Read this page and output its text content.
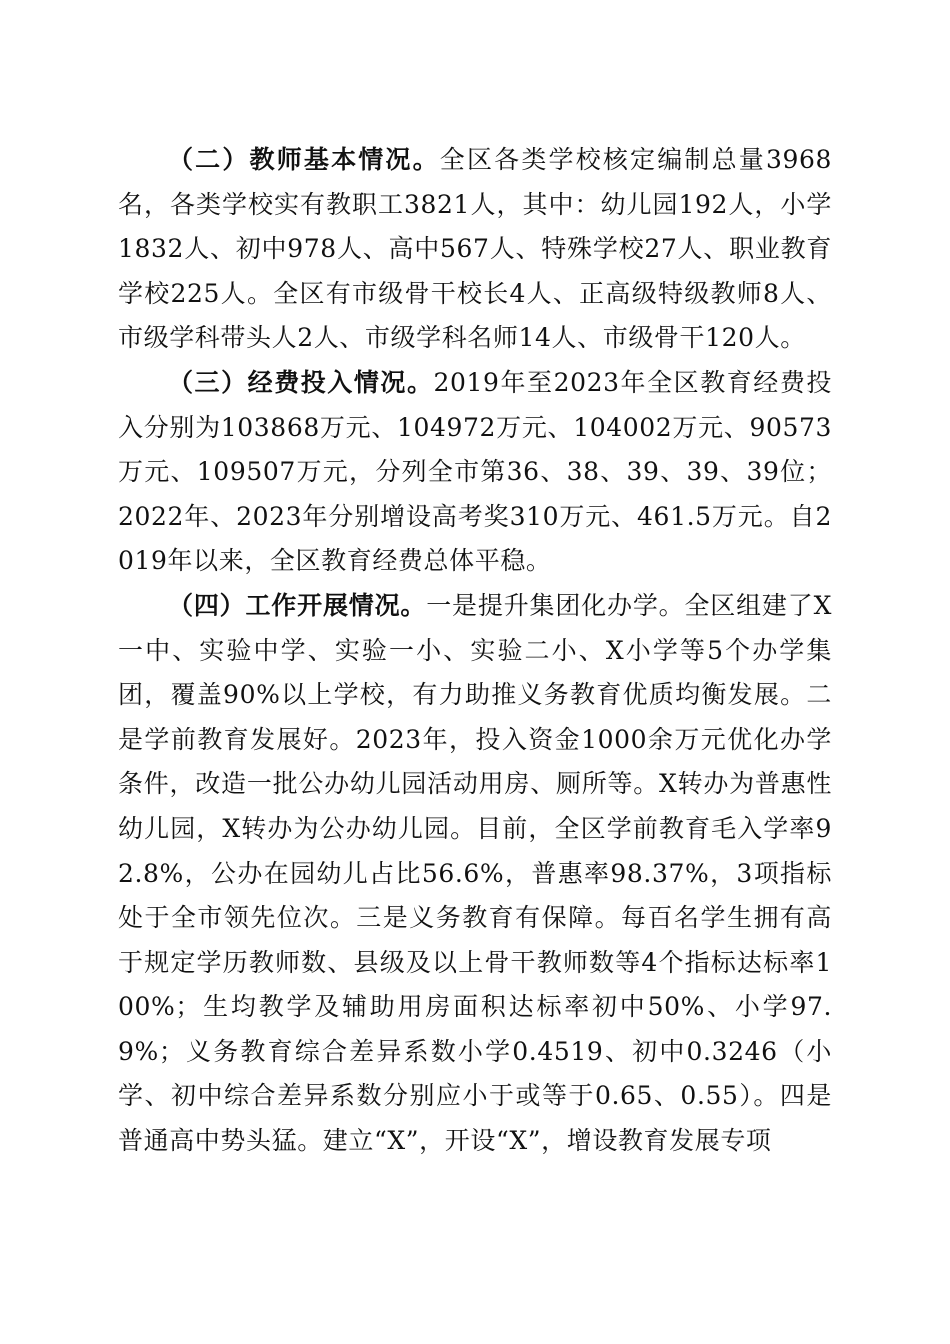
（二）教师基本情况。全区各类学校核定编制总量3968名，各类学校实有教职工3821人，其中：幼儿园192人，小学1832人、初中978人、高中567人、特殊学校27人、职业教育学校225人。全区有市级骨干校长4人、正高级特级教师8人、市级学科带头人2人、市级学科名师14人、市级骨干120人。

（三）经费投入情况。2019年至2023年全区教育经费投入分别为103868万元、104972万元、104002万元、90573万元、109507万元，分列全市第36、38、39、39、39位；2022年、2023年分别增设高考奖310万元、461.5万元。自2019年以来，全区教育经费总体平稳。

（四）工作开展情况。一是提升集团化办学。全区组建了X一中、实验中学、实验一小、实验二小、X小学等5个办学集团，覆盖90%以上学校，有力助推义务教育优质均衡发展。二是学前教育发展好。2023年，投入资金1000余万元优化办学条件，改造一批公办幼儿园活动用房、厕所等。X转办为普惠性幼儿园，X转办为公办幼儿园。目前，全区学前教育毛入学率92.8%，公办在园幼儿占比56.6%，普惠率98.37%，3项指标处于全市领先位次。三是义务教育有保障。每百名学生拥有高于规定学历教师数、县级及以上骨干教师数等4个指标达标率100%；生均教学及辅助用房面积达标率初中50%、小学97.9%；义务教育综合差异系数小学0.4519、初中0.3246（小学、初中综合差异系数分别应小于或等于0.65、0.55）。四是普通高中势头猛。建立“X”，开设“X”，增设教育发展专项
